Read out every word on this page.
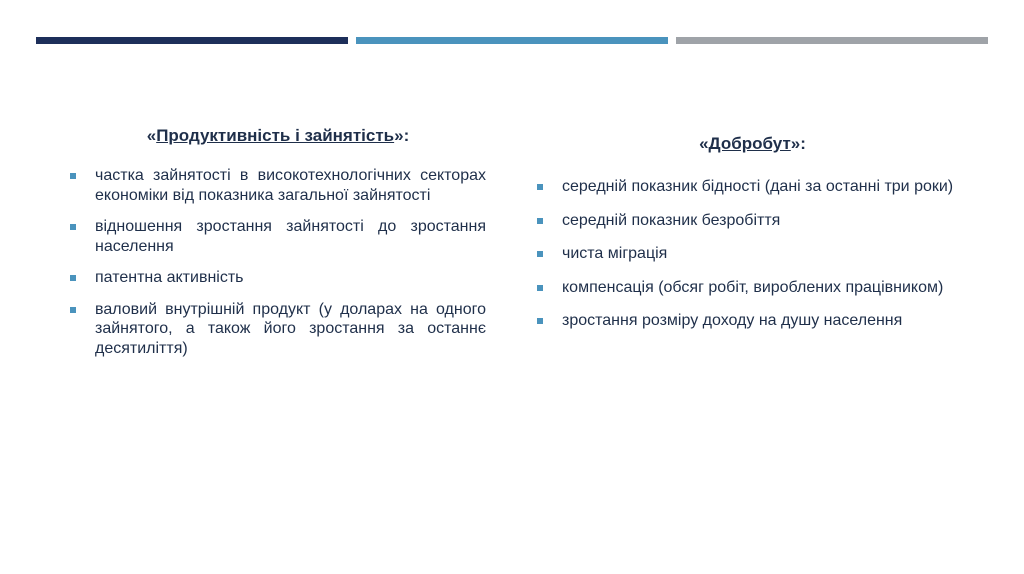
«Продуктивність і зайнятість»:

частка зайнятості в високотехнологічних секторах економіки від показника загальної зайнятості
відношення зростання зайнятості до зростання населення
патентна активність
валовий внутрішній продукт (у доларах на одного зайнятого, а також його зростання за останнє десятиліття)

«Добробут»:

середній показник бідності (дані за останні три роки)
середній показник безробіття
чиста міграція
компенсація (обсяг робіт, вироблених працівником)
зростання розміру доходу на душу населення
